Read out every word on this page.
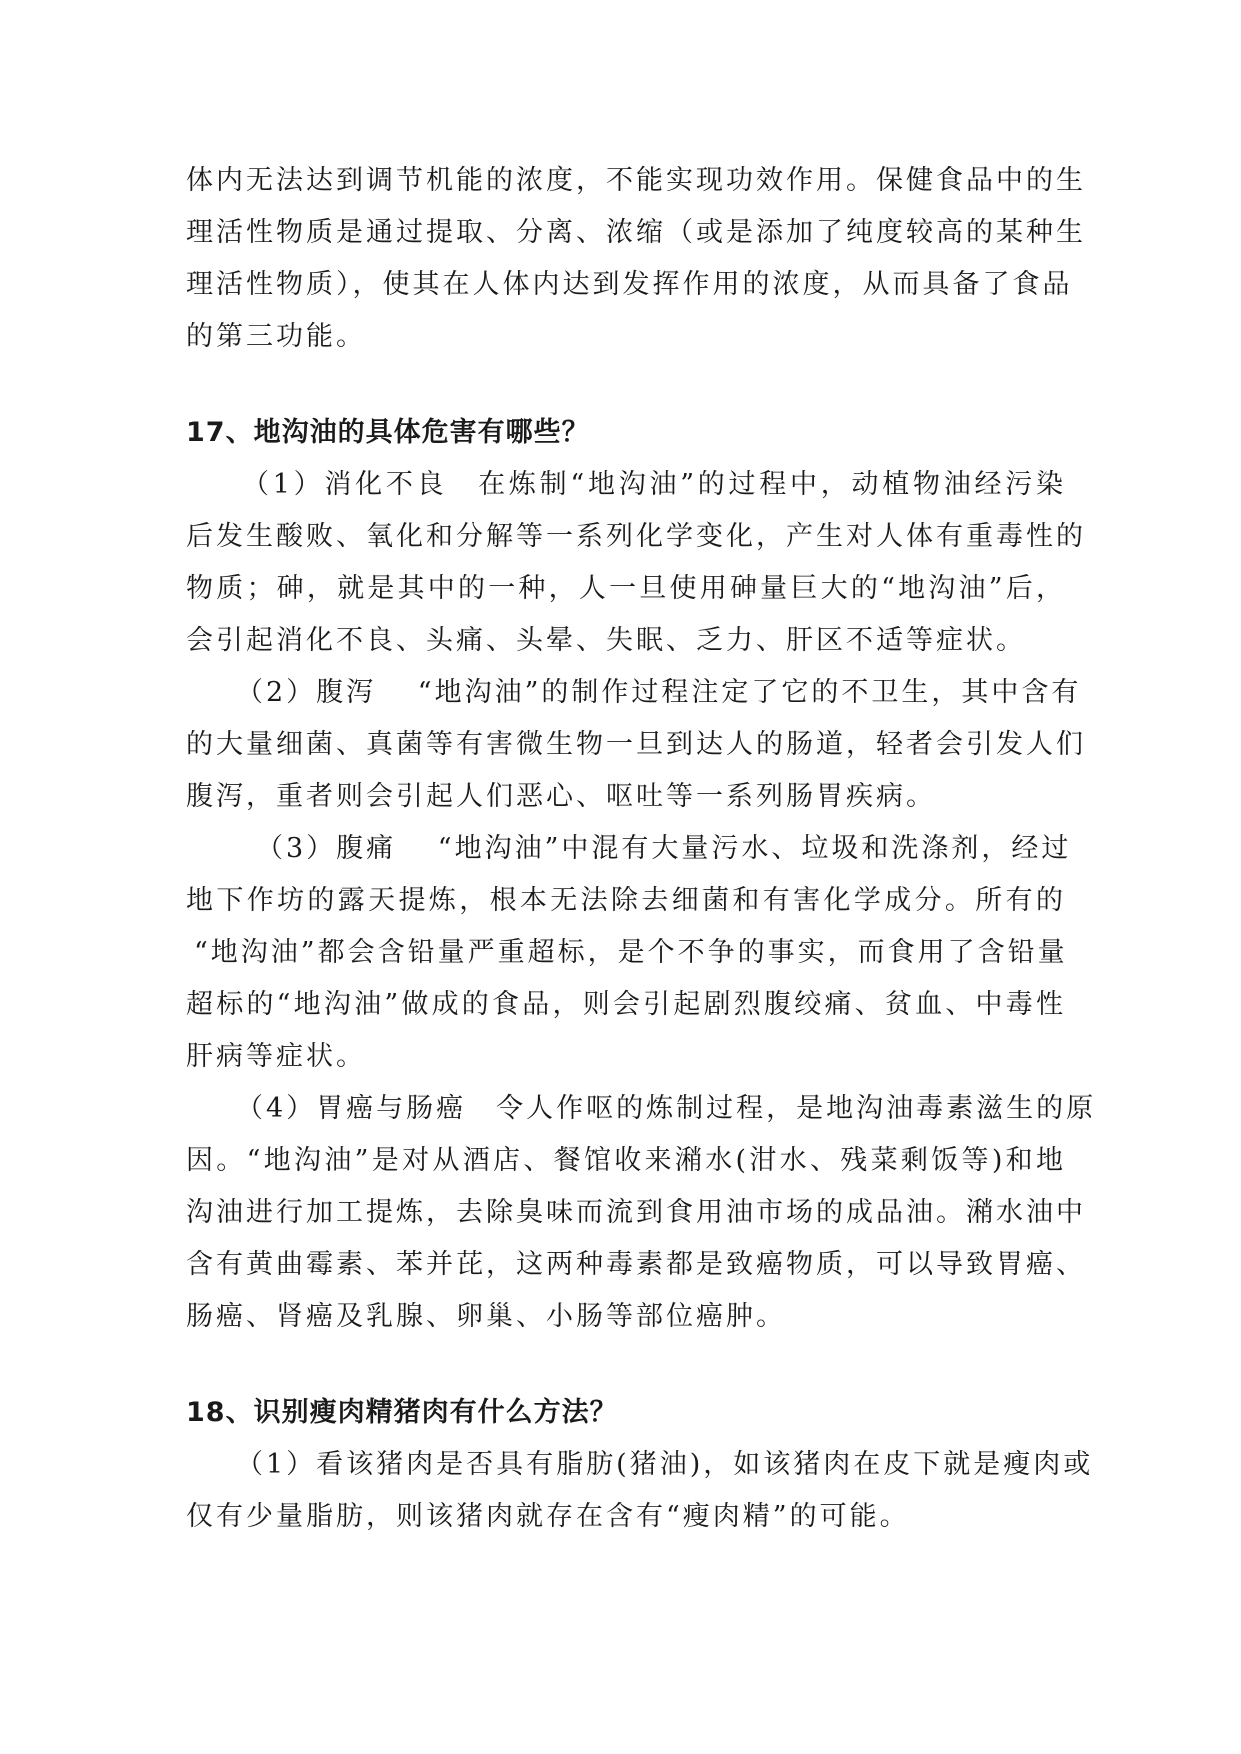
体内无法达到调节机能的浓度，不能实现功效作用。保健食品中的生
理活性物质是通过提取、分离、浓缩（或是添加了纯度较高的某种生
理活性物质），使其在人体内达到发挥作用的浓度，从而具备了食品
的第三功能。
17、地沟油的具体危害有哪些？
（1）消化不良　在炼制“地沟油”的过程中，动植物油经污染
后发生酸败、氧化和分解等一系列化学变化，产生对人体有重毒性的
物质；砷，就是其中的一种，人一旦使用砷量巨大的“地沟油”后，
会引起消化不良、头痛、头晕、失眠、乏力、肝区不适等症状。
（2）腹泻　 “地沟油”的制作过程注定了它的不卫生，其中含有
的大量细菌、真菌等有害微生物一旦到达人的肠道，轻者会引发人们
腹泻，重者则会引起人们恶心、呕吐等一系列肠胃疾病。
（3）腹痛　 “地沟油”中混有大量污水、垃圾和洗涤剂，经过
地下作坊的露天提炼，根本无法除去细菌和有害化学成分。所有的
“地沟油”都会含铅量严重超标，是个不争的事实，而食用了含铅量
超标的“地沟油”做成的食品，则会引起剧烈腹绞痛、贫血、中毒性
肝病等症状。
（4）胃癌与肠癌　令人作呕的炼制过程，是地沟油毒素滋生的原
因。“地沟油”是对从酒店、餐馆收来潲水(泔水、残菜剩饭等)和地
沟油进行加工提炼，去除臭味而流到食用油市场的成品油。潲水油中
含有黄曲霉素、苯并芘，这两种毒素都是致癌物质，可以导致胃癌、
肠癌、肾癌及乳腺、卵巢、小肠等部位癌肿。
18、识别瘦肉精猪肉有什么方法？
（1）看该猪肉是否具有脂肪(猪油)，如该猪肉在皮下就是瘦肉或
仅有少量脂肪，则该猪肉就存在含有“瘦肉精”的可能。
